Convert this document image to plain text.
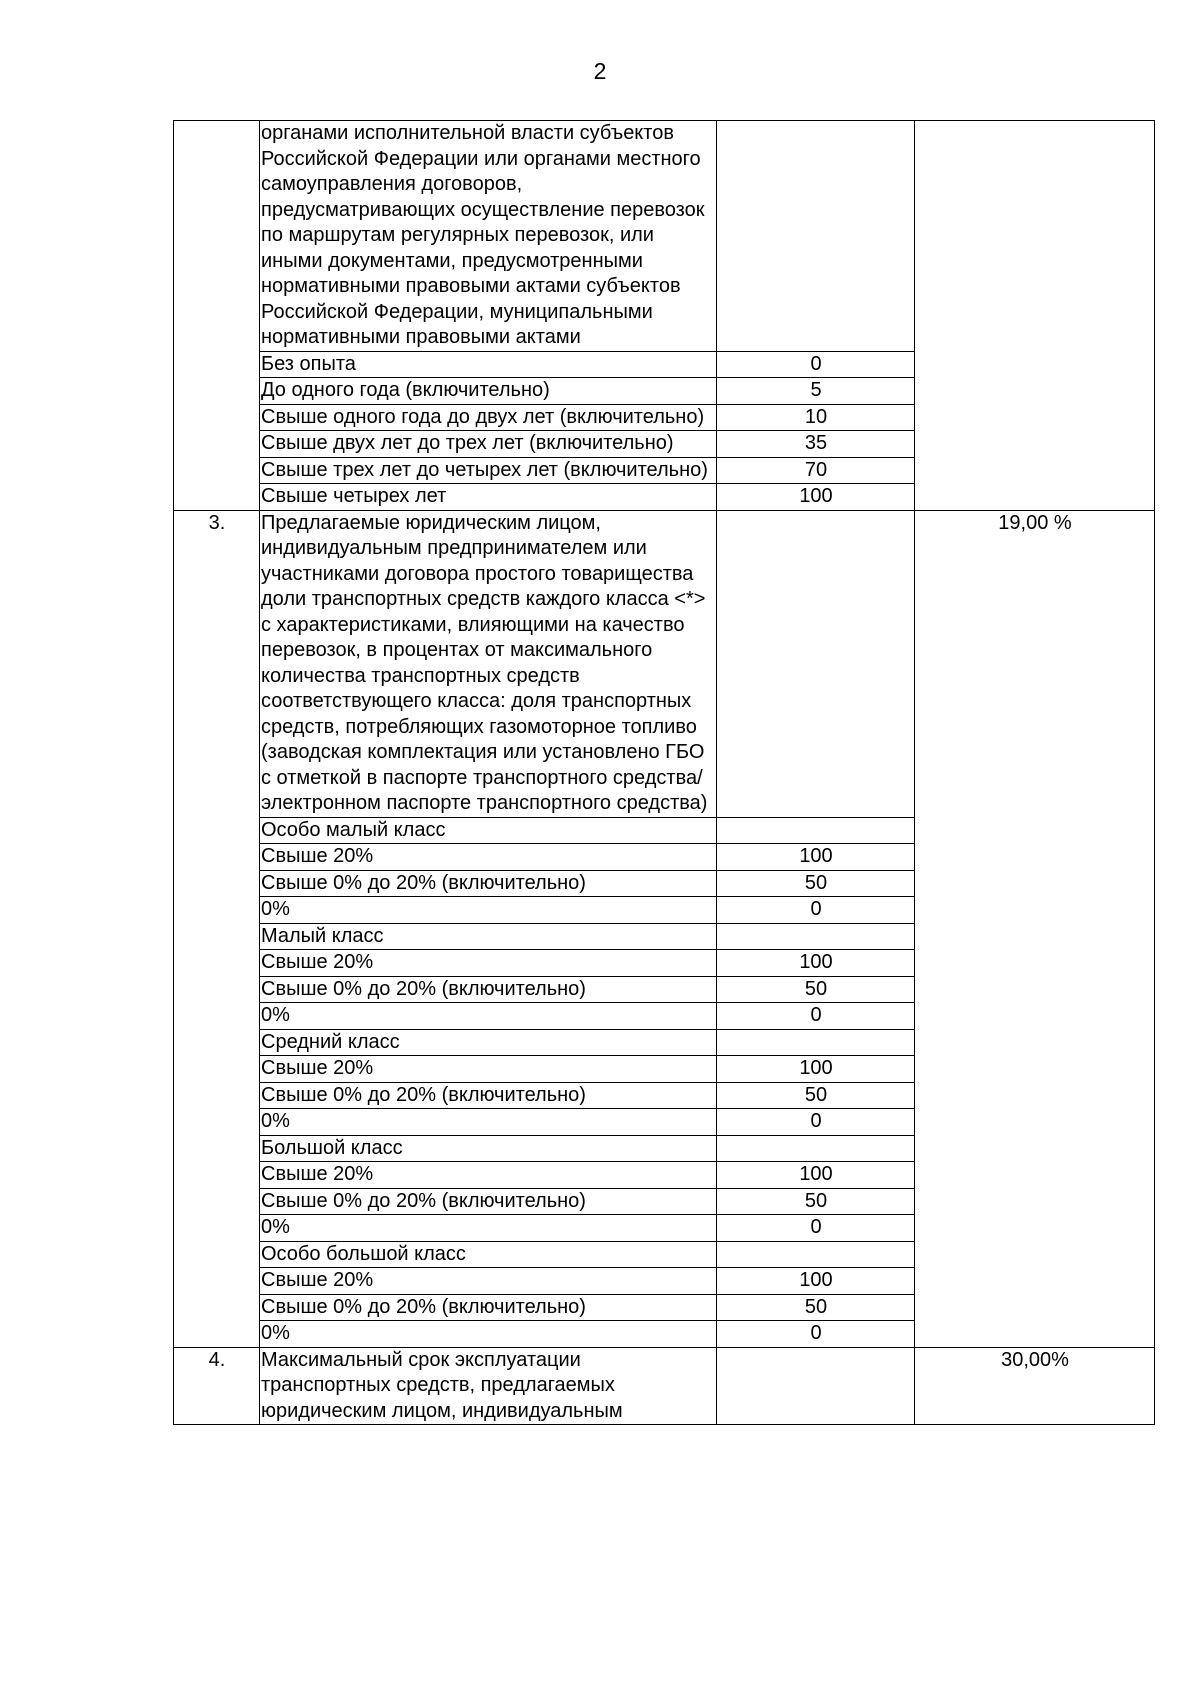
2
	органами исполнительной власти субъектов Российской Федерации или органами местного самоуправления договоров, предусматривающих осуществление перевозок по маршрутам регулярных перевозок, или иными документами, предусмотренными нормативными правовыми актами субъектов Российской Федерации, муниципальными нормативными правовыми актами		
	Без опыта	0	
	До одного года (включительно)	5	
	Свыше одного года до двух лет (включительно)	10	
	Свыше двух лет до трех лет (включительно)	35	
	Свыше трех лет до четырех лет (включительно)	70	
	Свыше четырех лет	100	
3.	Предлагаемые юридическим лицом, индивидуальным предпринимателем или участниками договора простого товарищества доли транспортных средств каждого класса <*> с характеристиками, влияющими на качество перевозок, в процентах от максимального количества транспортных средств соответствующего класса: доля транспортных средств, потребляющих газомоторное топливо (заводская комплектация или установлено ГБО с отметкой в паспорте транспортного средства/электронном паспорте транспортного средства)		19,00 %
	Особо малый класс		
	Свыше 20%	100	
	Свыше 0% до 20% (включительно)	50	
	0%	0	
	Малый класс		
	Свыше 20%	100	
	Свыше 0% до 20% (включительно)	50	
	0%	0	
	Средний класс		
	Свыше 20%	100	
	Свыше 0% до 20% (включительно)	50	
	0%	0	
	Большой класс		
	Свыше 20%	100	
	Свыше 0% до 20% (включительно)	50	
	0%	0	
	Особо большой класс		
	Свыше 20%	100	
	Свыше 0% до 20% (включительно)	50	
	0%	0	
4.	Максимальный срок эксплуатации транспортных средств, предлагаемых юридическим лицом, индивидуальным		30,00%
